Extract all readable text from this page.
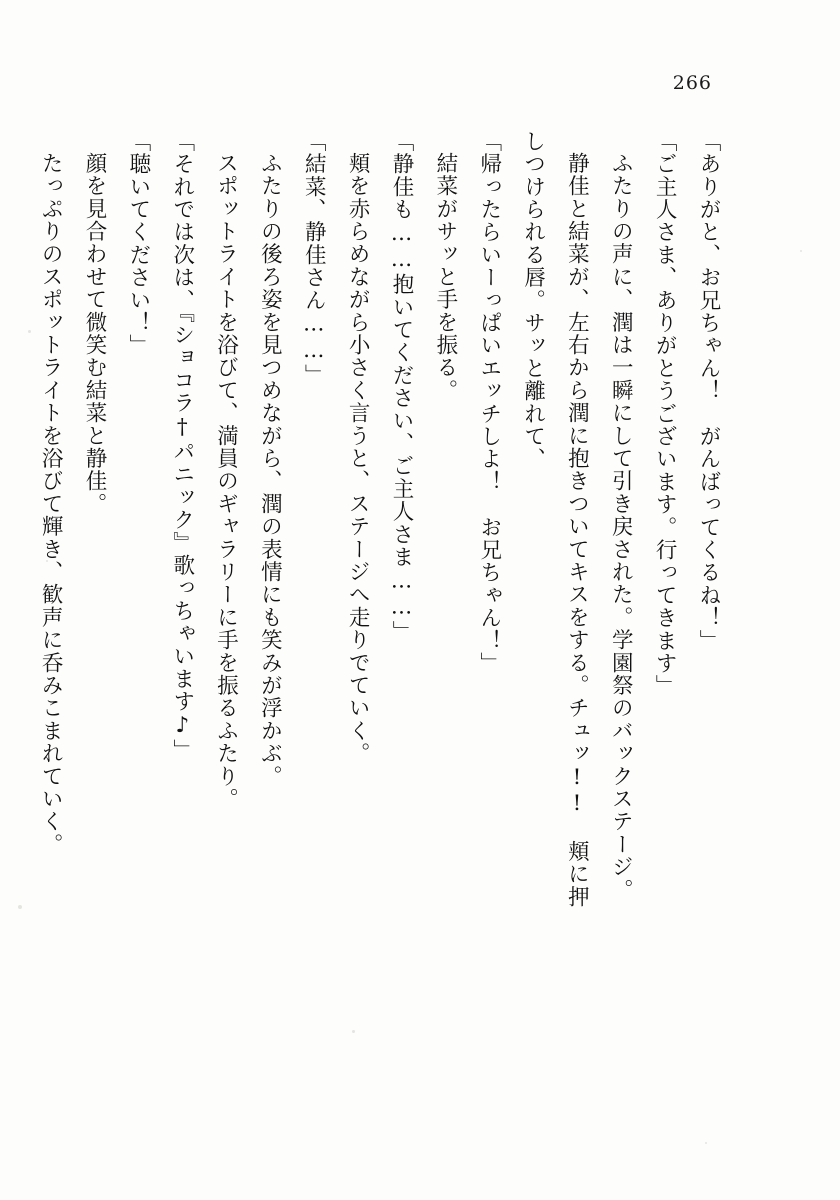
266

「ありがと、お兄ちゃん！　がんばってくるね！」

「ご主人さま、ありがとうございます。行ってきます」

ふたりの声に、潤は一瞬にして引き戻された。学園祭のバックステージ。

静佳と結菜が、左右から潤に抱きついてキスをする。チュッ!!　頬に押しつけられる唇。サッと離れて、

「帰ったらいーっぱいエッチしよ！　お兄ちゃん！」

結菜がサッと手を振る。

「静佳も……抱いてください、ご主人さま……」

頬を赤らめながら小さく言うと、ステージへ走りでていく。

「結菜、静佳さん……」

ふたりの後ろ姿を見つめながら、潤の表情にも笑みが浮かぶ。

スポットライトを浴びて、満員のギャラリーに手を振るふたり。

「それでは次は、『ショコラ†パニック』歌っちゃいます♪」

「聴いてください！」

顔を見合わせて微笑む結菜と静佳。

たっぷりのスポットライトを浴びて輝き、歓声に呑みこまれていく。
